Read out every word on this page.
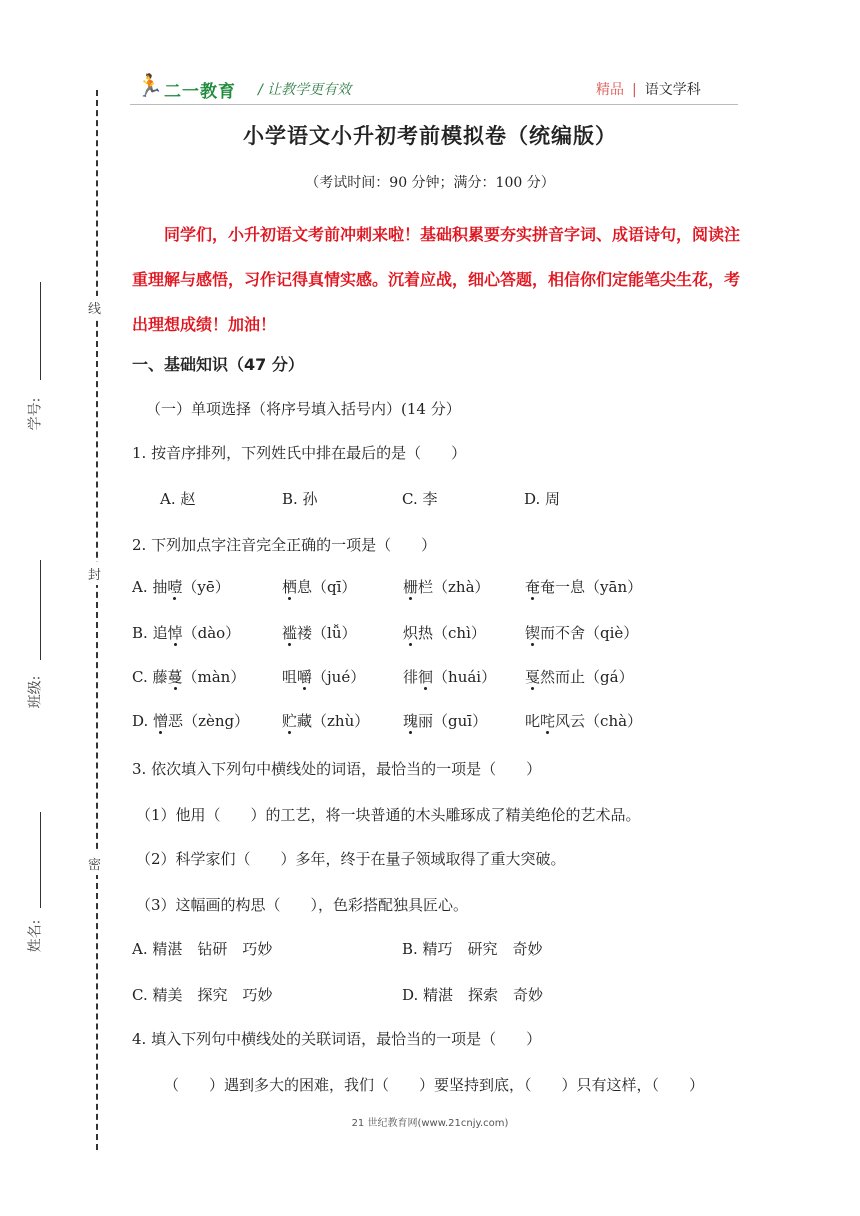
🏃 二一教育 / 让教学更有效	精品 | 语文学科
线
封
密
学号:
班级:
姓名:
小学语文小升初考前模拟卷（统编版）
（考试时间：90 分钟；满分：100 分）
同学们，小升初语文考前冲刺来啦！基础积累要夯实拼音字词、成语诗句，阅读注重理解与感悟，习作记得真情实感。沉着应战，细心答题，相信你们定能笔尖生花，考出理想成绩！加油！
一、基础知识（47 分）
（一）单项选择（将序号填入括号内）(14 分）
1. 按音序排列，下列姓氏中排在最后的是（　　）
A. 赵	B. 孙	C. 李	D. 周
2. 下列加点字注音完全正确的一项是（　　）
A. 抽噎（yē）	栖息（qī）	栅栏（zhà） 奄奄一息（yān）
B. 追悼（dào）	褴褛（lǚ）	炽热（chì）	锲而不舍（qiè）
C. 藤蔓（màn） 咀嚼（jué）	徘徊（huái） 戛然而止（gá）
D. 憎恶（zèng） 贮藏（zhù） 瑰丽（guī）	叱咤风云（chà）
3. 依次填入下列句中横线处的词语，最恰当的一项是（　　）
（1）他用（　　）的工艺，将一块普通的木头雕琢成了精美绝伦的艺术品。
（2）科学家们（　　）多年，终于在量子领域取得了重大突破。
（3）这幅画的构思（　　），色彩搭配独具匠心。
A. 精湛　钻研　巧妙	B. 精巧　研究　奇妙
C. 精美　探究　巧妙	D. 精湛　探索　奇妙
4. 填入下列句中横线处的关联词语，最恰当的一项是（　　）
（　　）遇到多大的困难，我们（　　）要坚持到底，（　　）只有这样，（　　）
21 世纪教育网(www.21cnjy.com)
